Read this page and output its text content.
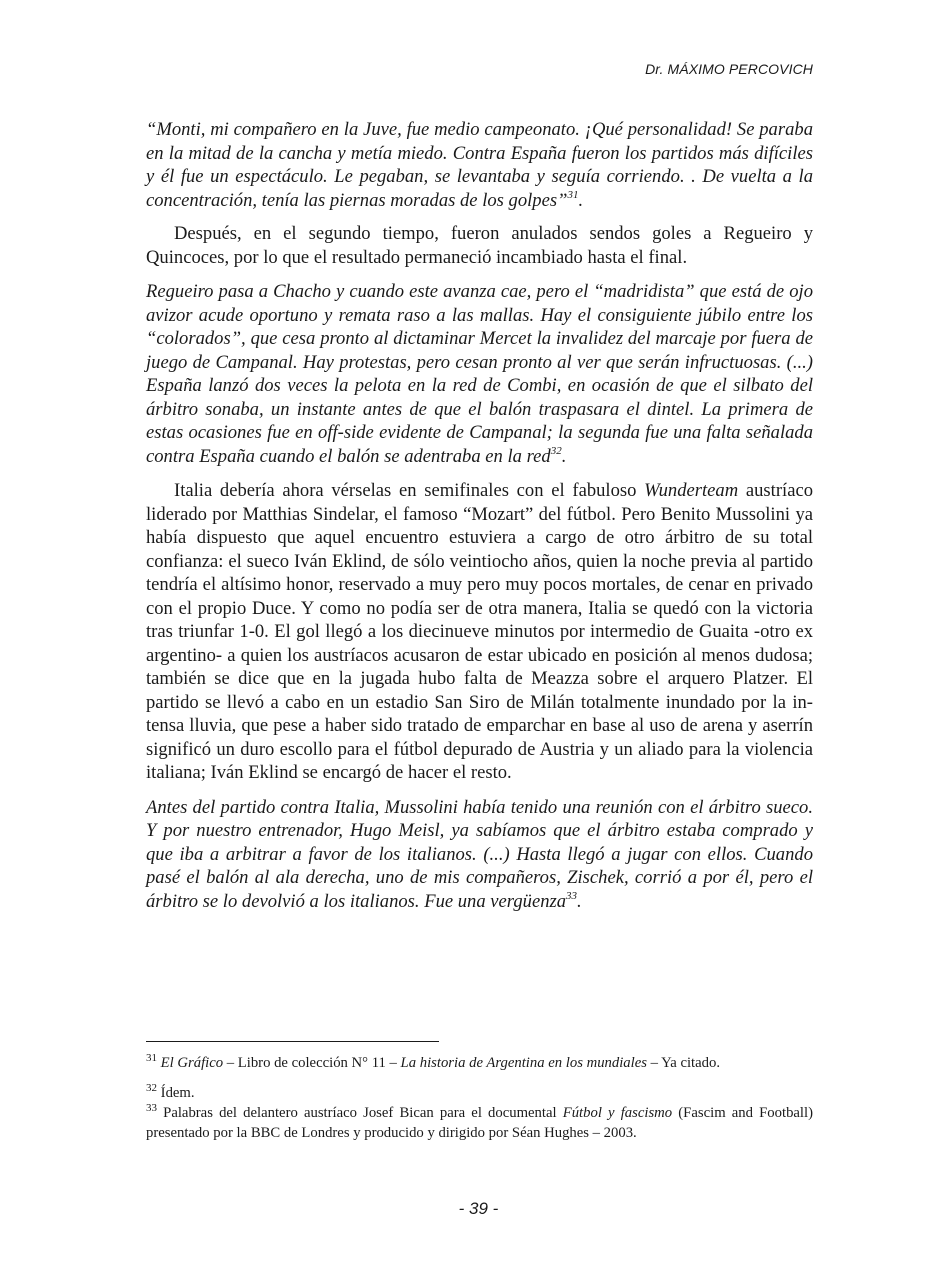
Dr. MÁXIMO PERCOVICH

“Monti, mi compañero en la Juve, fue medio campeonato. ¡Qué personalidad! Se paraba en la mitad de la cancha y metía miedo. Contra España fueron los partidos más difíciles y él fue un espectáculo. Le pegaban, se levantaba y seguía corriendo. . De vuelta a la concentración, tenía las piernas moradas de los golpes”$^{31}$.

Después, en el segundo tiempo, fueron anulados sendos goles a Regueiro y Quincoces, por lo que el resultado permaneció incambiado hasta el final.

Regueiro pasa a Chacho y cuando este avanza cae, pero el “madridista” que está de ojo avizor acude oportuno y remata raso a las mallas. Hay el consiguiente júbilo entre los “colorados”, que cesa pronto al dictaminar Mercet la invalidez del marcaje por fuera de juego de Campanal. Hay protestas, pero cesan pronto al ver que serán infructuosas. (...) España lanzó dos veces la pelota en la red de Combi, en ocasión de que el silbato del árbitro sonaba, un instante antes de que el balón traspasara el dintel. La primera de estas ocasiones fue en off-side evidente de Campanal; la segunda fue una falta señalada contra España cuando el balón se adentraba en la red$^{32}$.

Italia debería ahora vérselas en semifinales con el fabuloso Wunderteam austríaco liderado por Matthias Sindelar, el famoso “Mozart” del fútbol. Pero Benito Mussolini ya había dispuesto que aquel encuentro estuviera a cargo de otro árbitro de su total confianza: el sueco Iván Eklind, de sólo veintiocho años, quien la noche previa al partido tendría el altísimo honor, reservado a muy pero muy pocos mortales, de cenar en privado con el propio Duce. Y como no podía ser de otra manera, Italia se quedó con la victoria tras triunfar 1-0. El gol llegó a los diecinueve minutos por intermedio de Guaita -otro ex argentino- a quien los austríacos acusaron de estar ubicado en posición al menos dudosa; también se dice que en la jugada hubo falta de Meazza sobre el arquero Platzer. El partido se llevó a cabo en un estadio San Siro de Milán totalmente inundado por la intensa lluvia, que pese a haber sido tratado de emparchar en base al uso de arena y aserrín significó un duro escollo para el fútbol depurado de Austria y un aliado para la violencia italiana; Iván Eklind se encargó de hacer el resto.

Antes del partido contra Italia, Mussolini había tenido una reunión con el árbitro sueco. Y por nuestro entrenador, Hugo Meisl, ya sabíamos que el árbitro estaba comprado y que iba a arbitrar a favor de los italianos. (...) Hasta llegó a jugar con ellos. Cuando pasé el balón al ala derecha, uno de mis compañeros, Zischek, corrió a por él, pero el árbitro se lo devolvió a los italianos. Fue una vergüenza$^{33}$.

$^{31}$ El Gráfico – Libro de colección N° 11 – La historia de Argentina en los mundiales – Ya citado.

$^{32}$ Ídem.

$^{33}$ Palabras del delantero austríaco Josef Bican para el documental Fútbol y fascismo (Fascim and Football) presentado por la BBC de Londres y producido y dirigido por Séan Hughes – 2003.

- 39 -
